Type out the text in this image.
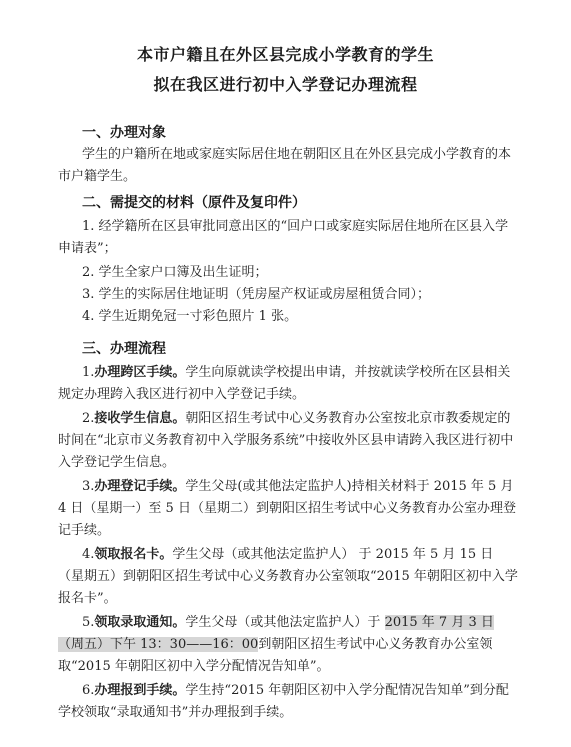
本市户籍且在外区县完成小学教育的学生
拟在我区进行初中入学登记办理流程
一、办理对象
学生的户籍所在地或家庭实际居住地在朝阳区且在外区县完成小学教育的本市户籍学生。
二、需提交的材料（原件及复印件）
1. 经学籍所在区县审批同意出区的“回户口或家庭实际居住地所在区县入学申请表”；
2. 学生全家户口簿及出生证明；
3. 学生的实际居住地证明（凭房屋产权证或房屋租赁合同）；
4. 学生近期免冠一寸彩色照片 1 张。
三、办理流程
1.办理跨区手续。学生向原就读学校提出申请，并按就读学校所在区县相关规定办理跨入我区进行初中入学登记手续。
2.接收学生信息。朝阳区招生考试中心义务教育办公室按北京市教委规定的时间在“北京市义务教育初中入学服务系统”中接收外区县申请跨入我区进行初中入学登记学生信息。
3.办理登记手续。学生父母(或其他法定监护人)持相关材料于 2015 年 5 月 4 日（星期一）至 5 日（星期二）到朝阳区招生考试中心义务教育办公室办理登记手续。
4.领取报名卡。学生父母（或其他法定监护人） 于 2015 年 5 月 15 日（星期五）到朝阳区招生考试中心义务教育办公室领取“2015 年朝阳区初中入学报名卡”。
5.领取录取通知。学生父母（或其他法定监护人）于 2015 年 7 月 3 日（周五）下午 13：30——16：00到朝阳区招生考试中心义务教育办公室领取“2015 年朝阳区初中入学分配情况告知单”。
6.办理报到手续。学生持“2015 年朝阳区初中入学分配情况告知单”到分配学校领取“录取通知书”并办理报到手续。
